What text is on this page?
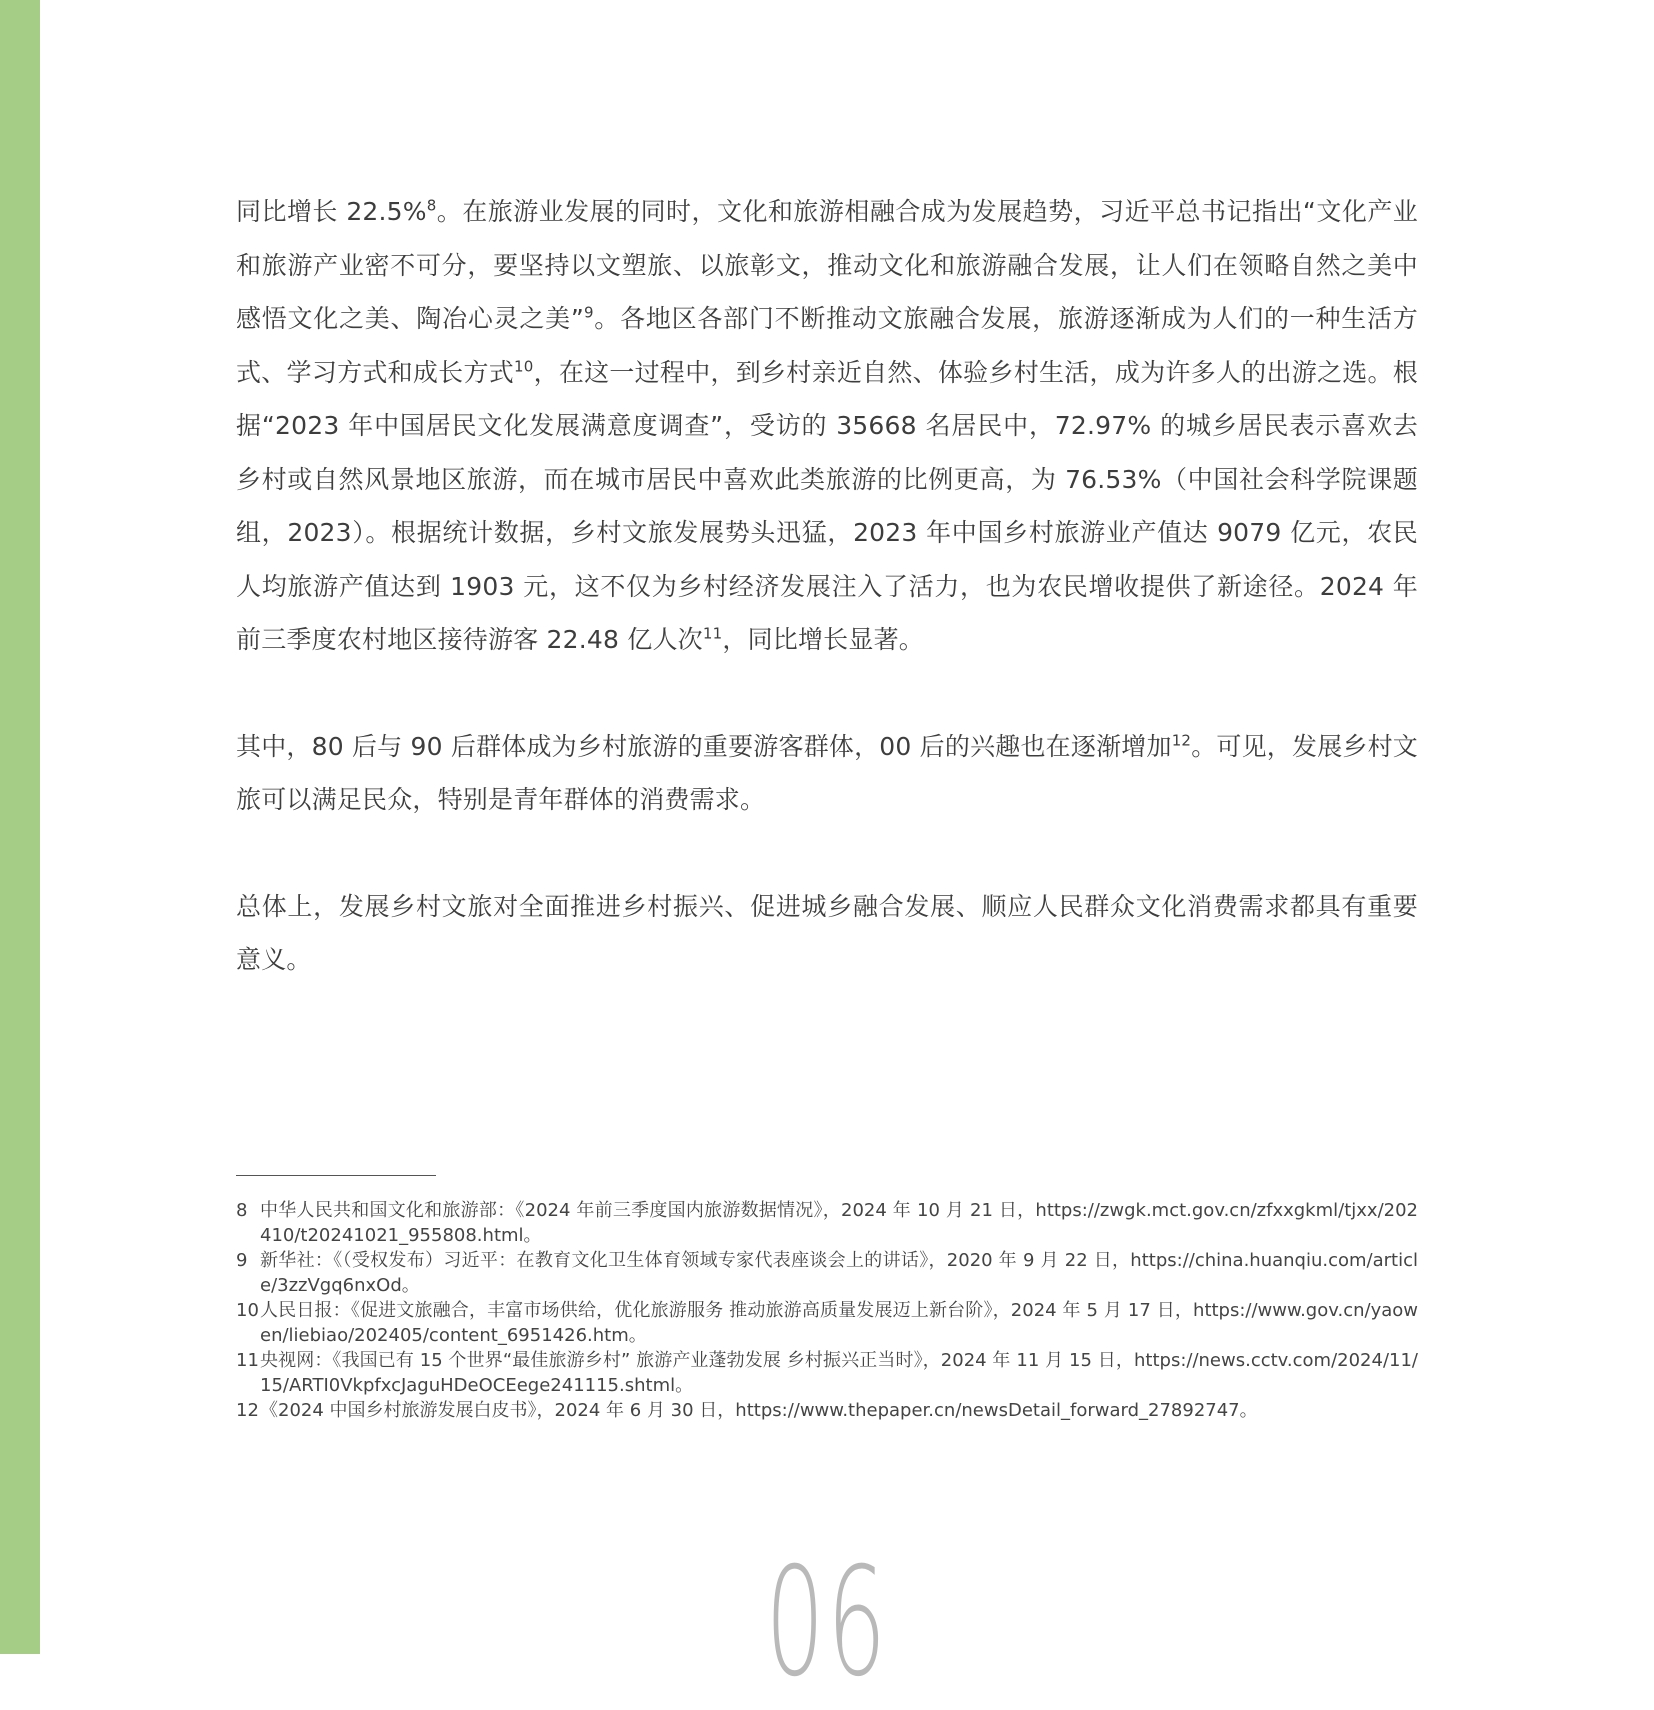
同比增长 22.5%$^8$。在旅游业发展的同时，文化和旅游相融合成为发展趋势，习近平总书记指出“文化产业和旅游产业密不可分，要坚持以文塑旅、以旅彰文，推动文化和旅游融合发展，让人们在领略自然之美中感悟文化之美、陶冶心灵之美”$^9$。各地区各部门不断推动文旅融合发展，旅游逐渐成为人们的一种生活方式、学习方式和成长方式$^{10}$，在这一过程中，到乡村亲近自然、体验乡村生活，成为许多人的出游之选。根据“2023 年中国居民文化发展满意度调查”，受访的 35668 名居民中，72.97% 的城乡居民表示喜欢去乡村或自然风景地区旅游，而在城市居民中喜欢此类旅游的比例更高，为 76.53%（中国社会科学院课题组，2023）。根据统计数据，乡村文旅发展势头迅猛，2023 年中国乡村旅游业产值达 9079 亿元，农民人均旅游产值达到 1903 元，这不仅为乡村经济发展注入了活力，也为农民增收提供了新途径。2024 年前三季度农村地区接待游客 22.48 亿人次$^{11}$，同比增长显著。

其中，80 后与 90 后群体成为乡村旅游的重要游客群体，00 后的兴趣也在逐渐增加$^{12}$。可见，发展乡村文旅可以满足民众，特别是青年群体的消费需求。

总体上，发展乡村文旅对全面推进乡村振兴、促进城乡融合发展、顺应人民群众文化消费需求都具有重要意义。

8 中华人民共和国文化和旅游部：《2024 年前三季度国内旅游数据情况》，2024 年 10 月 21 日，https://zwgk.mct.gov.cn/zfxxgkml/tjxx/202410/t20241021_955808.html。
9 新华社：《（受权发布）习近平：在教育文化卫生体育领域专家代表座谈会上的讲话》，2020 年 9 月 22 日，https://china.huanqiu.com/article/3zzVgq6nxOd。
10 人民日报：《促进文旅融合，丰富市场供给，优化旅游服务 推动旅游高质量发展迈上新台阶》，2024 年 5 月 17 日，https://www.gov.cn/yaowen/liebiao/202405/content_6951426.htm。
11 央视网：《我国已有 15 个世界“最佳旅游乡村” 旅游产业蓬勃发展 乡村振兴正当时》，2024 年 11 月 15 日，https://news.cctv.com/2024/11/15/ARTI0VkpfxcJaguHDeOCEege241115.shtml。
12 《2024 中国乡村旅游发展白皮书》，2024 年 6 月 30 日，https://www.thepaper.cn/newsDetail_forward_27892747。
06
